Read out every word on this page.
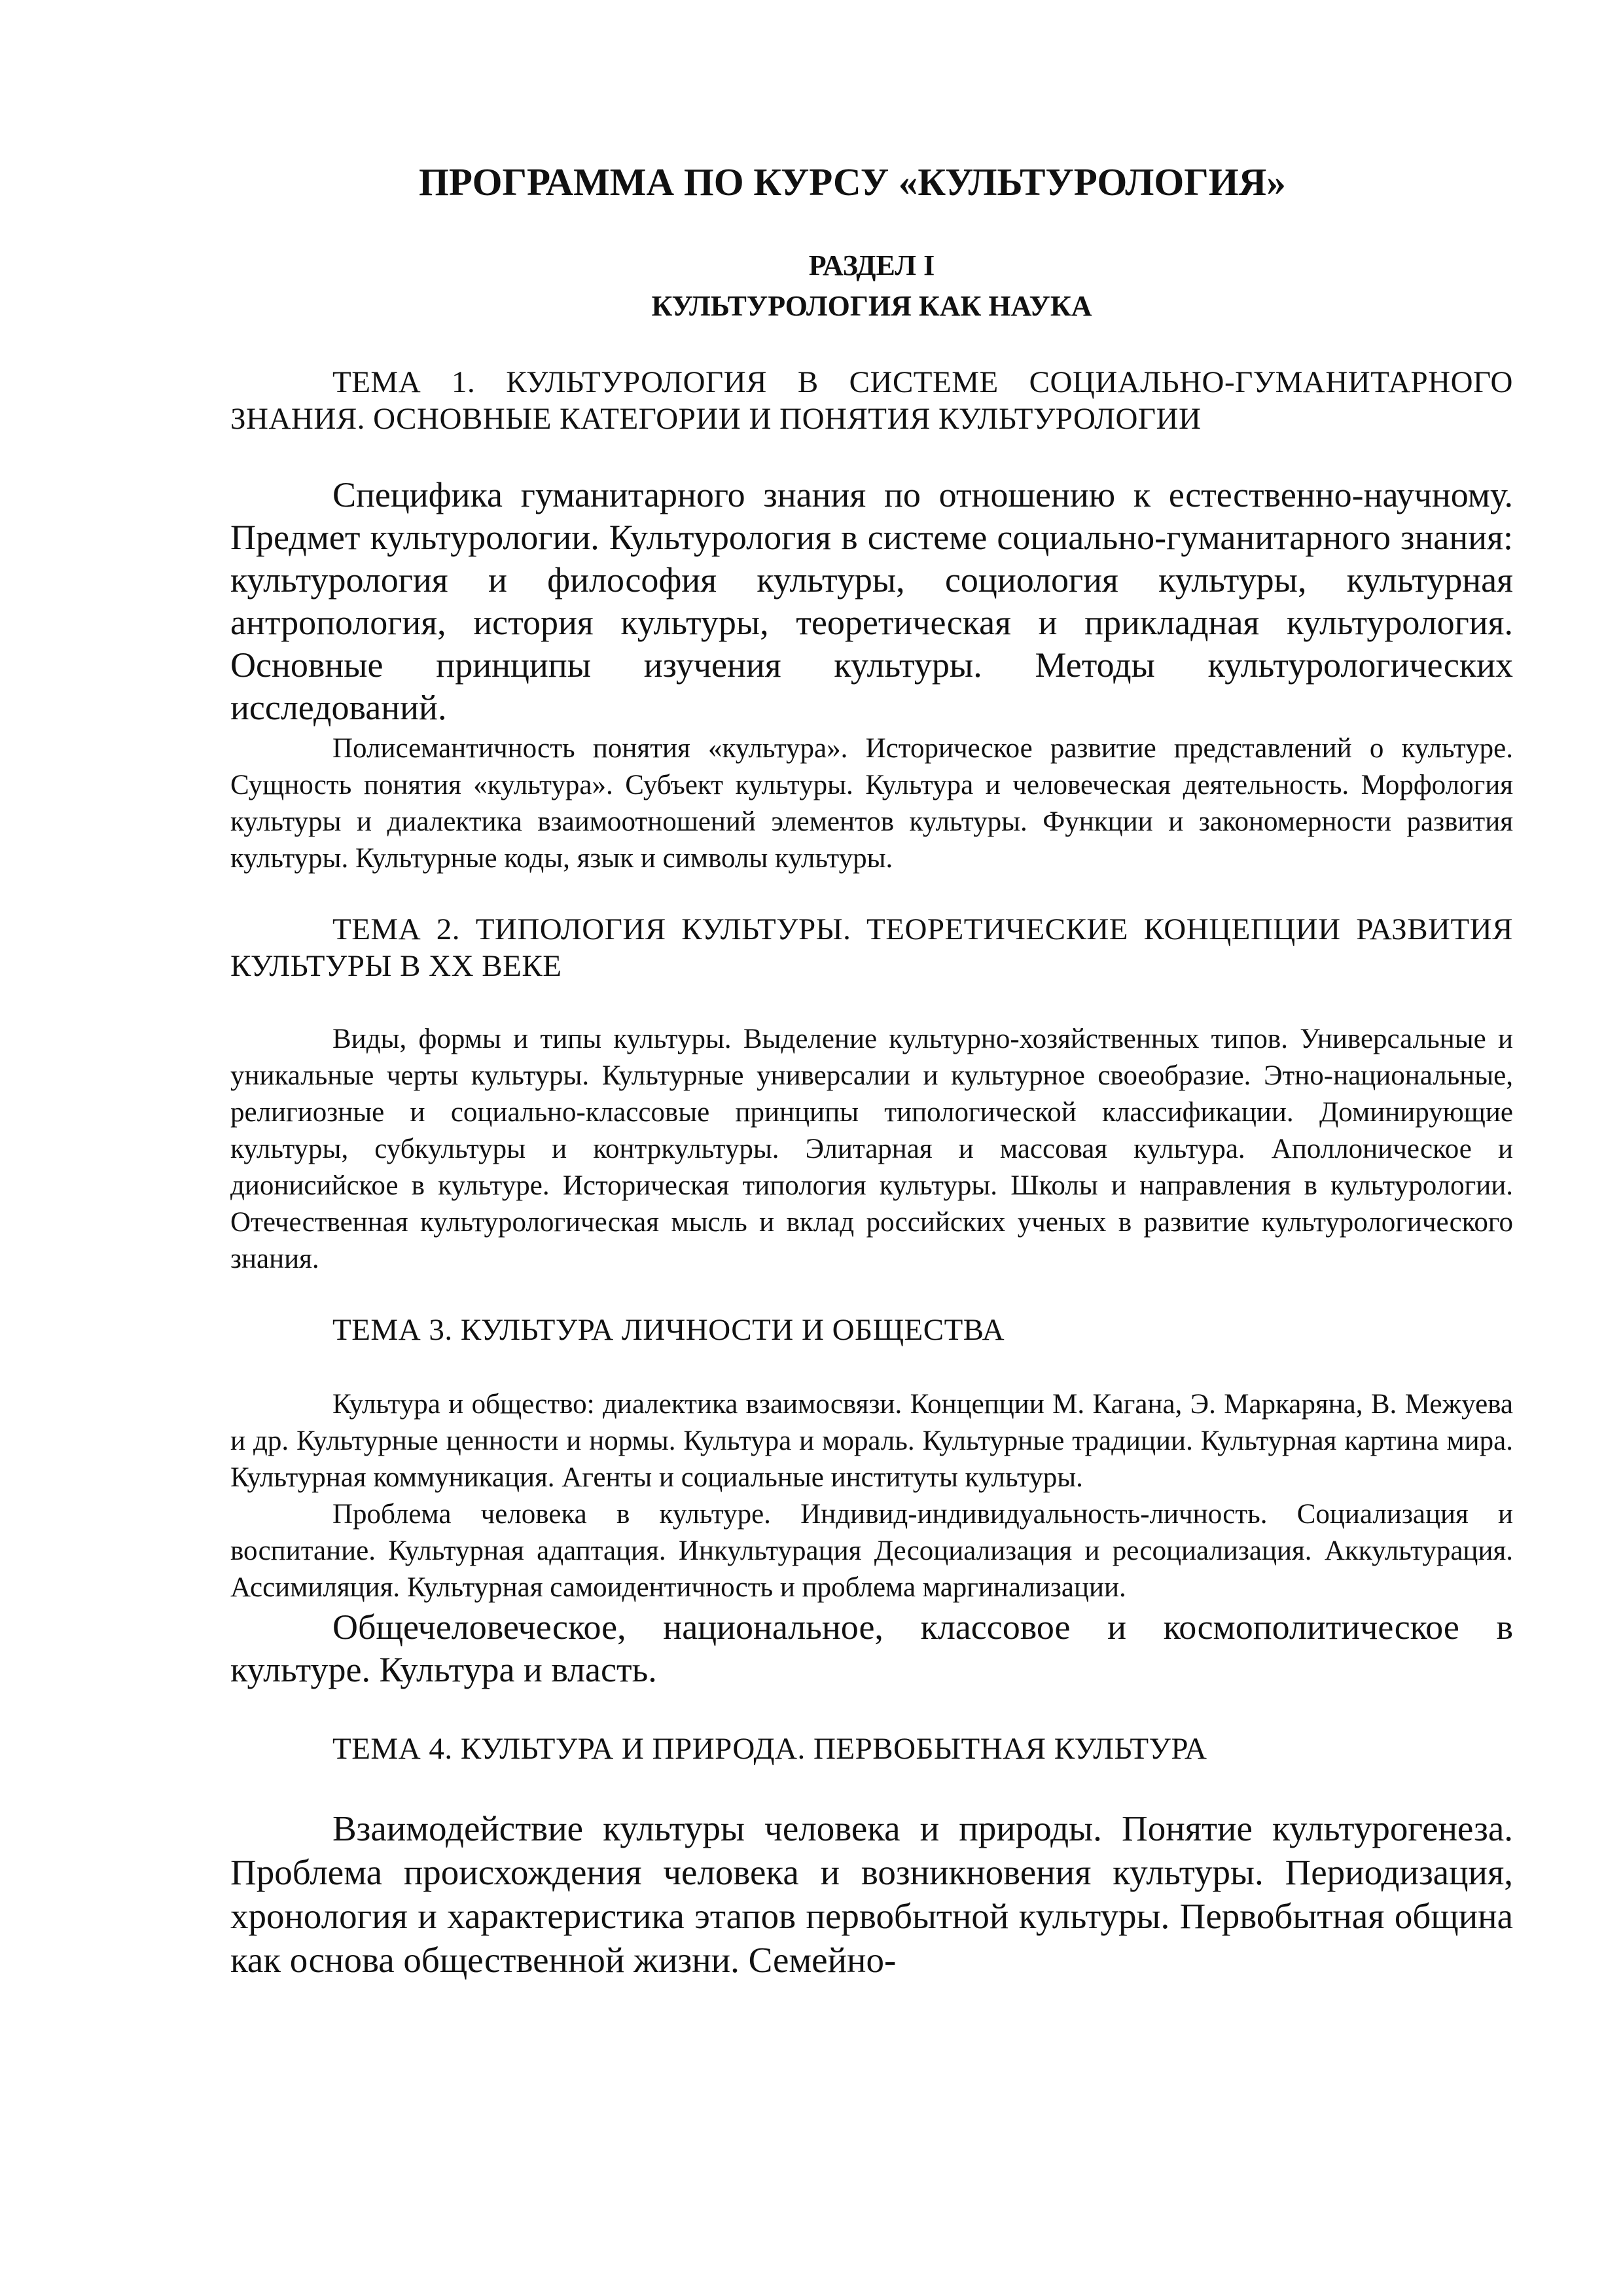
ПРОГРАММА ПО КУРСУ «КУЛЬТУРОЛОГИЯ»
РАЗДЕЛ I
КУЛЬТУРОЛОГИЯ КАК НАУКА

ТЕМА 1. КУЛЬТУРОЛОГИЯ В СИСТЕМЕ СОЦИАЛЬНО-ГУМАНИТАРНОГО ЗНАНИЯ. ОСНОВНЫЕ КАТЕГОРИИ И ПОНЯТИЯ КУЛЬТУРОЛОГИИ

Специфика гуманитарного знания по отношению к естественно-научному. Предмет культурологии. Культурология в системе социально-гуманитарного знания: культурология и философия культуры, социология культуры, культурная антропология, история культуры, теоретическая и прикладная культурология. Основные принципы изучения культуры. Методы культурологических исследований.

Полисемантичность понятия «культура». Историческое развитие представлений о культуре. Сущность понятия «культура». Субъект культуры. Культура и человеческая деятельность. Морфология культуры и диалектика взаимоотношений элементов культуры. Функции и закономерности развития культуры. Культурные коды, язык и символы культуры.

ТЕМА 2. ТИПОЛОГИЯ КУЛЬТУРЫ. ТЕОРЕТИЧЕСКИЕ КОНЦЕПЦИИ РАЗВИТИЯ КУЛЬТУРЫ В XX ВЕКЕ

Виды, формы и типы культуры. Выделение культурно-хозяйственных типов. Универсальные и уникальные черты культуры. Культурные универсалии и культурное своеобразие. Этно-национальные, религиозные и социально-классовые принципы типологической классификации. Доминирующие культуры, субкультуры и контркультуры. Элитарная и массовая культура. Аполлоническое и дионисийское в культуре. Историческая типология культуры. Школы и направления в культурологии. Отечественная культурологическая мысль и вклад российских ученых в развитие культурологического знания.

ТЕМА 3. КУЛЬТУРА ЛИЧНОСТИ И ОБЩЕСТВА

Культура и общество: диалектика взаимосвязи. Концепции М. Кагана, Э. Маркаряна, В. Межуева и др. Культурные ценности и нормы. Культура и мораль. Культурные традиции. Культурная картина мира. Культурная коммуникация. Агенты и социальные институты культуры.

Проблема человека в культуре. Индивид-индивидуальность-личность. Социализация и воспитание. Культурная адаптация. Инкультурация Десоциализация и ресоциализация. Аккультурация. Ассимиляция. Культурная самоидентичность и проблема маргинализации.

Общечеловеческое, национальное, классовое и космополитическое в культуре. Культура и власть.

ТЕМА 4. КУЛЬТУРА И ПРИРОДА. ПЕРВОБЫТНАЯ КУЛЬТУРА

Взаимодействие культуры человека и природы. Понятие культурогенеза. Проблема происхождения человека и возникновения культуры. Периодизация, хронология и характеристика этапов первобытной культуры. Первобытная община как основа общественной жизни. Семейно-
